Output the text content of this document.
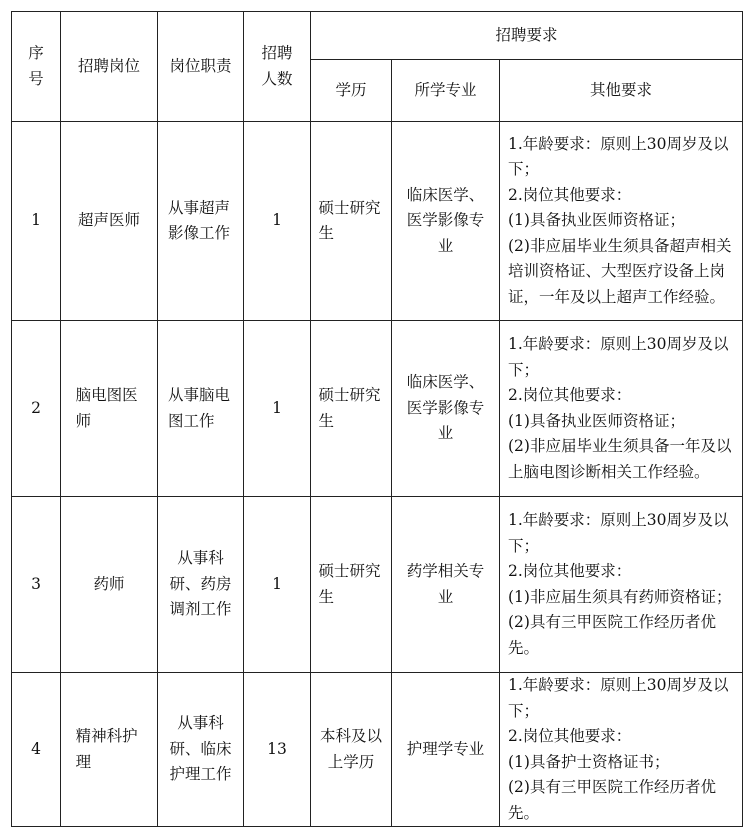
序号	招聘岗位	岗位职责	招聘人数	招聘要求		
				学历	所学专业	其他要求
1	超声医师	从事超声影像工作	1	硕士研究生	临床医学、医学影像专业	1.年龄要求：原则上30周岁及以下；
2.岗位其他要求：
(1)具备执业医师资格证；
(2)非应届毕业生须具备超声相关培训资格证、大型医疗设备上岗证，一年及以上超声工作经验。

2	脑电图医师	从事脑电图工作	1	硕士研究生	临床医学、医学影像专业	1.年龄要求：原则上30周岁及以下；
2.岗位其他要求：
(1)具备执业医师资格证；
(2)非应届毕业生须具备一年及以上脑电图诊断相关工作经验。

3	药师	从事科研、药房调剂工作	1	硕士研究生	药学相关专业	1.年龄要求：原则上30周岁及以下；
2.岗位其他要求：
(1)非应届生须具有药师资格证；
(2)具有三甲医院工作经历者优先。

4	精神科护理	从事科研、临床护理工作	13	本科及以上学历	护理学专业	1.年龄要求：原则上30周岁及以下；
2.岗位其他要求：
(1)具备护士资格证书；
(2)具有三甲医院工作经历者优先。
